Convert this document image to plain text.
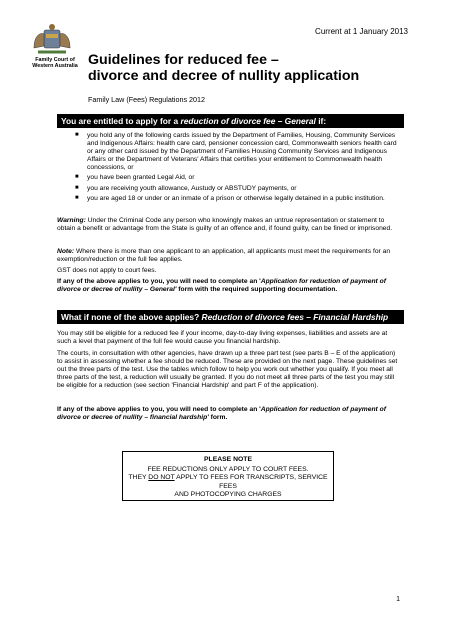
Current at 1 January 2013
Family Court of
Western Australia Guidelines for reduced fee –
divorce and decree of nullity application
Family Law (Fees) Regulations 2012
You are entitled to apply for a reduction of divorce fee – General if:
■ you hold any of the following cards issued by the Department of Families, Housing, Community Services and Indigenous Affairs: health care card, pensioner concession card, Commonwealth seniors health card or any other card issued by the Department of Families Housing Community Services and Indigenous Affairs or the Department of Veterans' Affairs that certifies your entitlement to Commonwealth health concessions, or
■ you have been granted Legal Aid, or
■ you are receiving youth allowance, Austudy or ABSTUDY payments, or
■ you are aged 18 or under or an inmate of a prison or otherwise legally detained in a public institution.
Warning: Under the Criminal Code any person who knowingly makes an untrue representation or statement to obtain a benefit or advantage from the State is guilty of an offence and, if found guilty, can be fined or imprisoned.
Note: Where there is more than one applicant to an application, all applicants must meet the requirements for an exemption/reduction or the full fee applies.
GST does not apply to court fees.
If any of the above applies to you, you will need to complete an 'Application for reduction of payment of divorce or decree of nullity – General' form with the required supporting documentation.
What if none of the above applies? Reduction of divorce fees – Financial Hardship
You may still be eligible for a reduced fee if your income, day-to-day living expenses, liabilities and assets are at such a level that payment of the full fee would cause you financial hardship.
The courts, in consultation with other agencies, have drawn up a three part test (see parts B – E of the application) to assist in assessing whether a fee should be reduced. These are provided on the next page. These guidelines set out the three parts of the test. Use the tables which follow to help you work out whether you qualify. If you meet all three parts of the test, a reduction will usually be granted. If you do not meet all three parts of the test you may still be eligible for a reduction (see section 'Financial Hardship' and part F of the application).
If any of the above applies to you, you will need to complete an 'Application for reduction of payment of divorce or decree of nullity – financial hardship' form.
PLEASE NOTE
FEE REDUCTIONS ONLY APPLY TO COURT FEES.
THEY DO NOT APPLY TO FEES FOR TRANSCRIPTS, SERVICE FEES
AND PHOTOCOPYING CHARGES
1
